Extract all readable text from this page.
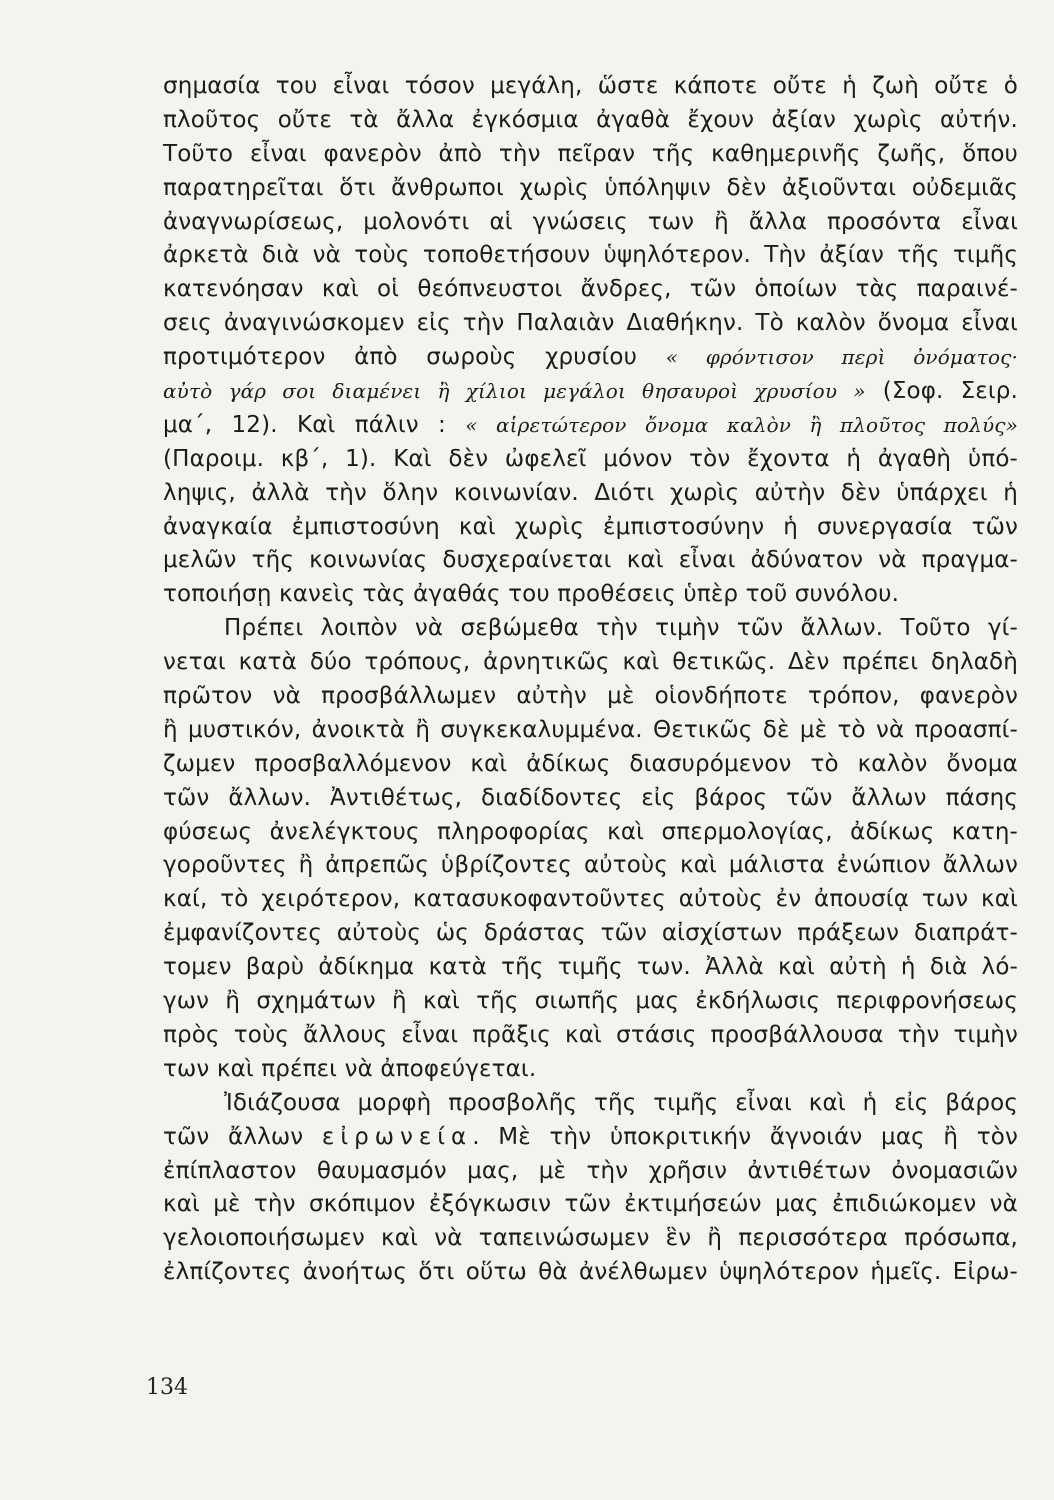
σημασία του εἶναι τόσον μεγάλη, ὥστε κάποτε οὔτε ἡ ζωὴ οὔτε ὁ
πλοῦτος οὔτε τὰ ἄλλα ἐγκόσμια ἀγαθὰ ἔχουν ἀξίαν χωρὶς αὐτήν.
Τοῦτο εἶναι φανερὸν ἀπὸ τὴν πεῖραν τῆς καθημερινῆς ζωῆς, ὅπου
παρατηρεῖται ὅτι ἄνθρωποι χωρὶς ὑπόληψιν δὲν ἀξιοῦνται οὐδεμιᾶς
ἀναγνωρίσεως, μολονότι αἱ γνώσεις των ἢ ἄλλα προσόντα εἶναι
ἀρκετὰ διὰ νὰ τοὺς τοποθετήσουν ὑψηλότερον. Τὴν ἀξίαν τῆς τιμῆς
κατενόησαν καὶ οἱ θεόπνευστοι ἄνδρες, τῶν ὁποίων τὰς παραινέ-
σεις ἀναγινώσκομεν εἰς τὴν Παλαιὰν Διαθήκην. Τὸ καλὸν ὄνομα εἶναι
προτιμότερον ἀπὸ σωροὺς χρυσίου « φρόντισον περὶ ὀνόματος·
αὐτὸ γάρ σοι διαμένει ἢ χίλιοι μεγάλοι θησαυροὶ χρυσίου » (Σοφ. Σειρ.
μα΄, 12). Καὶ πάλιν : « αἱρετώτερον ὄνομα καλὸν ἢ πλοῦτος πολύς»
(Παροιμ. κβ΄, 1). Καὶ δὲν ὠφελεῖ μόνον τὸν ἔχοντα ἡ ἀγαθὴ ὑπό-
ληψις, ἀλλὰ τὴν ὅλην κοινωνίαν. Διότι χωρὶς αὐτὴν δὲν ὑπάρχει ἡ
ἀναγκαία ἐμπιστοσύνη καὶ χωρὶς ἐμπιστοσύνην ἡ συνεργασία τῶν
μελῶν τῆς κοινωνίας δυσχεραίνεται καὶ εἶναι ἀδύνατον νὰ πραγμα-
τοποιήσῃ κανεὶς τὰς ἀγαθάς του προθέσεις ὑπὲρ τοῦ συνόλου.
Πρέπει λοιπὸν νὰ σεβώμεθα τὴν τιμὴν τῶν ἄλλων. Τοῦτο γί-
νεται κατὰ δύο τρόπους, ἀρνητικῶς καὶ θετικῶς. Δὲν πρέπει δηλαδὴ
πρῶτον νὰ προσβάλλωμεν αὐτὴν μὲ οἱονδήποτε τρόπον, φανερὸν
ἢ μυστικόν, ἀνοικτὰ ἢ συγκεκαλυμμένα. Θετικῶς δὲ μὲ τὸ νὰ προασπί-
ζωμεν προσβαλλόμενον καὶ ἀδίκως διασυρόμενον τὸ καλὸν ὄνομα
τῶν ἄλλων. Ἀντιθέτως, διαδίδοντες εἰς βάρος τῶν ἄλλων πάσης
φύσεως ἀνελέγκτους πληροφορίας καὶ σπερμολογίας, ἀδίκως κατη-
γοροῦντες ἢ ἀπρεπῶς ὑβρίζοντες αὐτοὺς καὶ μάλιστα ἐνώπιον ἄλλων
καί, τὸ χειρότερον, κατασυκοφαντοῦντες αὐτοὺς ἐν ἀπουσίᾳ των καὶ
ἐμφανίζοντες αὐτοὺς ὡς δράστας τῶν αἰσχίστων πράξεων διαπράτ-
τομεν βαρὺ ἀδίκημα κατὰ τῆς τιμῆς των. Ἀλλὰ καὶ αὐτὴ ἡ διὰ λό-
γων ἢ σχημάτων ἢ καὶ τῆς σιωπῆς μας ἐκδήλωσις περιφρονήσεως
πρὸς τοὺς ἄλλους εἶναι πρᾶξις καὶ στάσις προσβάλλουσα τὴν τιμὴν
των καὶ πρέπει νὰ ἀποφεύγεται.
Ἰδιάζουσα μορφὴ προσβολῆς τῆς τιμῆς εἶναι καὶ ἡ εἰς βάρος
τῶν ἄλλων εἰρωνεία. Μὲ τὴν ὑποκριτικήν ἄγνοιάν μας ἢ τὸν
ἐπίπλαστον θαυμασμόν μας, μὲ τὴν χρῆσιν ἀντιθέτων ὀνομασιῶν
καὶ μὲ τὴν σκόπιμον ἐξόγκωσιν τῶν ἐκτιμήσεών μας ἐπιδιώκομεν νὰ
γελοιοποιήσωμεν καὶ νὰ ταπεινώσωμεν ἓν ἢ περισσότερα πρόσωπα,
ἐλπίζοντες ἀνοήτως ὅτι οὕτω θὰ ἀνέλθωμεν ὑψηλότερον ἡμεῖς. Εἰρω-
134
